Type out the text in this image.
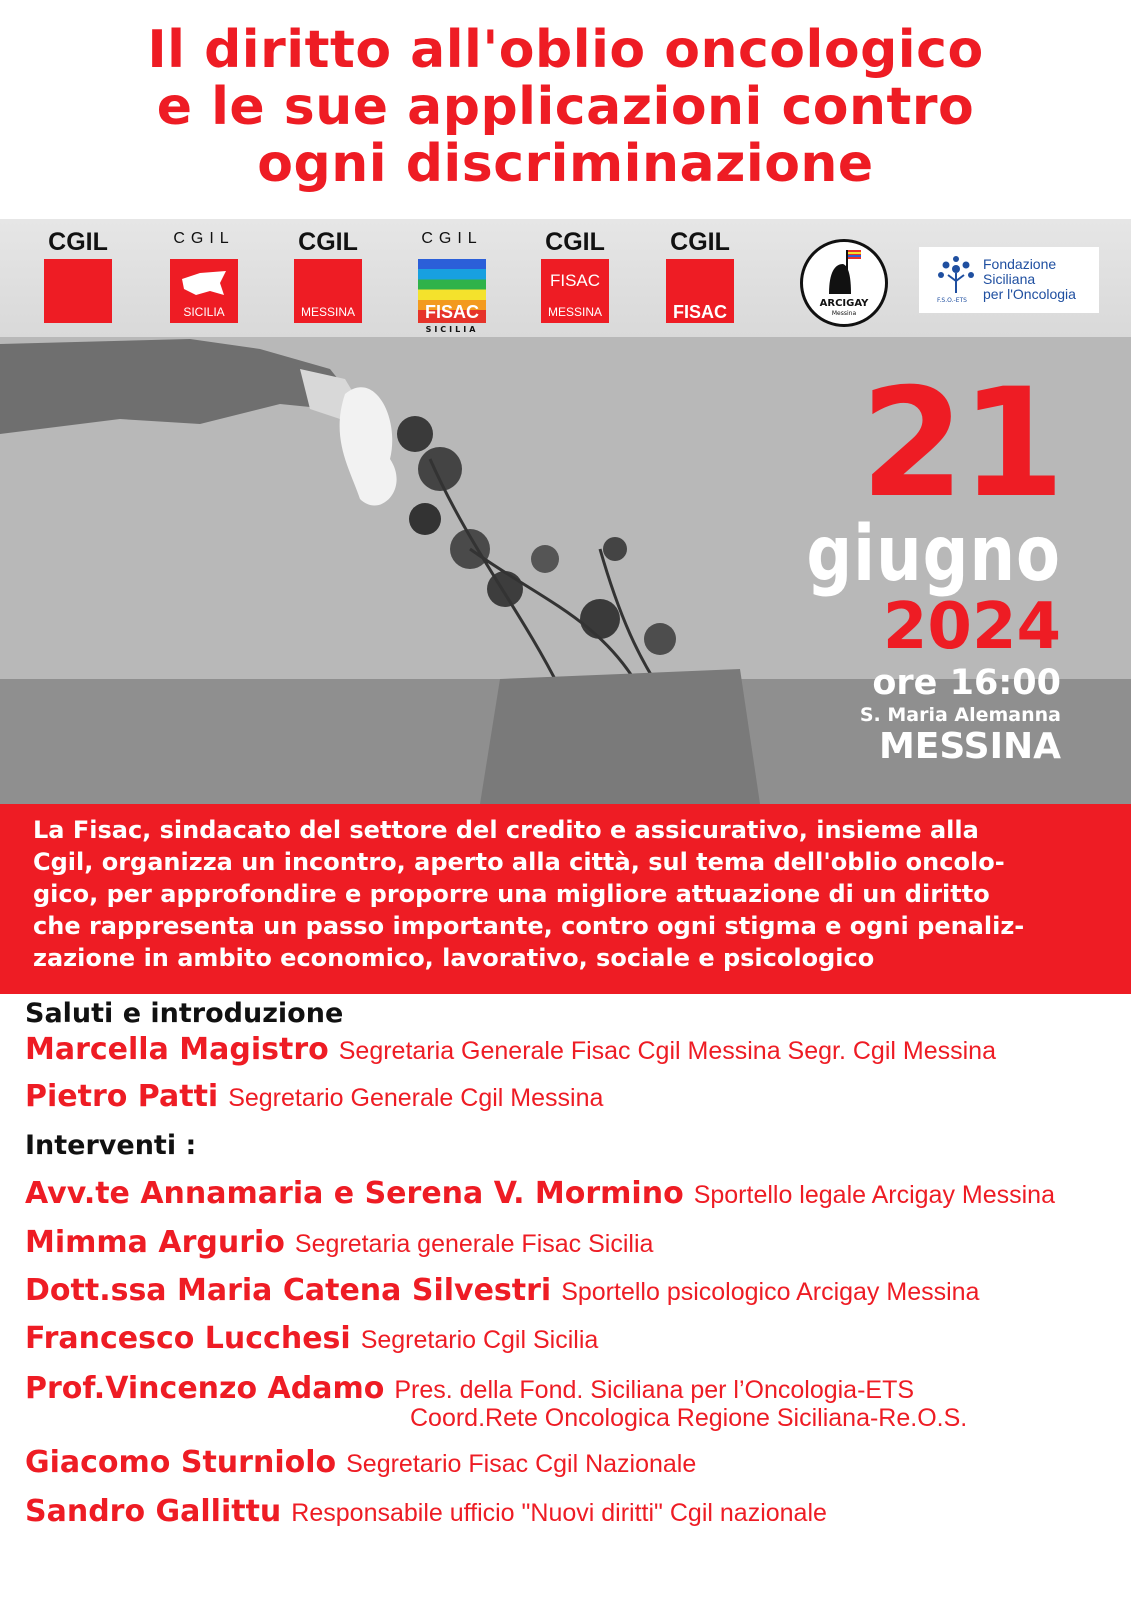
Il diritto all'oblio oncologico
e le sue applicazioni contro
ogni discriminazione
CGIL	CGIL
SICILIA
CGIL
MESSINA
CGIL
FISAC
SICILIA
CGIL
FISAC
MESSINA
CGIL
FISAC	ARCIGAY
Messina
F.S.O.-ETS
Fondazione
Siciliana
per l'Oncologia
21
giugno
2024
ore 16:00
S. Maria Alemanna
MESSINA
La Fisac, sindacato del settore del credito e assicurativo, insieme alla
Cgil, organizza un incontro, aperto alla città, sul tema dell'oblio oncolo-
gico, per approfondire e proporre una migliore attuazione di un diritto
che rappresenta un passo importante, contro ogni stigma e ogni penaliz-
zazione in ambito economico, lavorativo, sociale e psicologico
Saluti e introduzione
Marcella Magistro Segretaria Generale Fisac Cgil Messina Segr. Cgil Messina
Pietro Patti Segretario Generale Cgil Messina
Interventi :
Avv.te Annamaria e Serena V. Mormino Sportello legale Arcigay Messina
Mimma Argurio Segretaria generale Fisac Sicilia
Dott.ssa Maria Catena Silvestri Sportello psicologico Arcigay Messina
Francesco Lucchesi Segretario Cgil Sicilia
Prof.Vincenzo Adamo Pres. della Fond. Siciliana per l’Oncologia-ETS
Coord.Rete Oncologica Regione Siciliana-Re.O.S.
Giacomo Sturniolo Segretario Fisac Cgil Nazionale
Sandro Gallittu Responsabile ufficio "Nuovi diritti" Cgil nazionale
